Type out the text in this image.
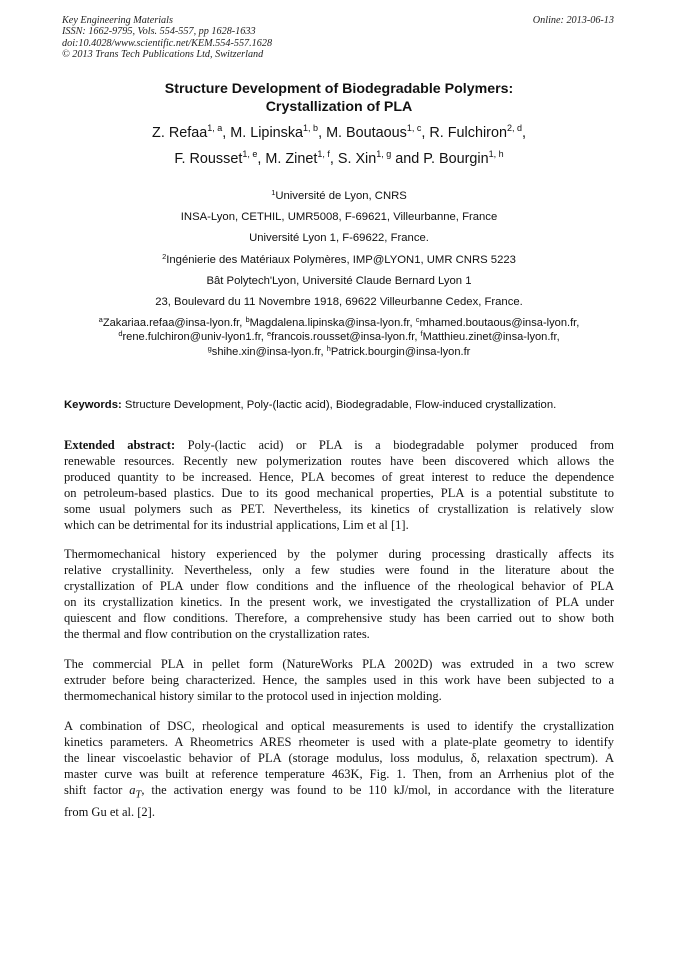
Key Engineering Materials
ISSN: 1662-9795, Vols. 554-557, pp 1628-1633
doi:10.4028/www.scientific.net/KEM.554-557.1628
© 2013 Trans Tech Publications Ltd, Switzerland
Online: 2013-06-13
Structure Development of Biodegradable Polymers:
Crystallization of PLA
Z. Refaa$^{1, a}$, M. Lipinska$^{1, b}$, M. Boutaous$^{1, c}$, R. Fulchiron$^{2, d}$,
F. Rousset$^{1, e}$, M. Zinet$^{1, f}$, S. Xin$^{1, g}$ and P. Bourgin$^{1, h}$
$^1$Université de Lyon, CNRS
INSA-Lyon, CETHIL, UMR5008, F-69621, Villeurbanne, France
Université Lyon 1, F-69622, France.
$^2$Ingénierie des Matériaux Polymères, IMP@LYON1, UMR CNRS 5223
Bât Polytech'Lyon, Université Claude Bernard Lyon 1
23, Boulevard du 11 Novembre 1918, 69622 Villeurbanne Cedex, France.
$^a$Zakariaa.refaa@insa-lyon.fr, $^b$Magdalena.lipinska@insa-lyon.fr, $^c$mhamed.boutaous@insa-lyon.fr,
$^d$rene.fulchiron@univ-lyon1.fr, $^e$francois.rousset@insa-lyon.fr, $^f$Matthieu.zinet@insa-lyon.fr,
$^g$shihe.xin@insa-lyon.fr, $^h$Patrick.bourgin@insa-lyon.fr
Keywords: Structure Development, Poly-(lactic acid), Biodegradable, Flow-induced crystallization.
Extended abstract: Poly-(lactic acid) or PLA is a biodegradable polymer produced from
renewable resources. Recently new polymerization routes have been discovered which allows the
produced quantity to be increased. Hence, PLA becomes of great interest to reduce the dependence
on petroleum-based plastics. Due to its good mechanical properties, PLA is a potential substitute to
some usual polymers such as PET. Nevertheless, its kinetics of crystallization is relatively slow
which can be detrimental for its industrial applications, Lim et al [1].
Thermomechanical history experienced by the polymer during processing drastically affects its
relative crystallinity. Nevertheless, only a few studies were found in the literature about the
crystallization of PLA under flow conditions and the influence of the rheological behavior of PLA
on its crystallization kinetics. In the present work, we investigated the crystallization of PLA under
quiescent and flow conditions. Therefore, a comprehensive study has been carried out to show both
the thermal and flow contribution on the crystallization rates.
The commercial PLA in pellet form (NatureWorks PLA 2002D) was extruded in a two screw
extruder before being characterized. Hence, the samples used in this work have been subjected to a
thermomechanical history similar to the protocol used in injection molding.
A combination of DSC, rheological and optical measurements is used to identify the crystallization
kinetics parameters. A Rheometrics ARES rheometer is used with a plate-plate geometry to identify
the linear viscoelastic behavior of PLA (storage modulus, loss modulus, δ, relaxation spectrum). A
master curve was built at reference temperature 463K, Fig. 1. Then, from an Arrhenius plot of the
shift factor $a_T$, the activation energy was found to be 110 kJ/mol, in accordance with the literature
from Gu et al. [2].
